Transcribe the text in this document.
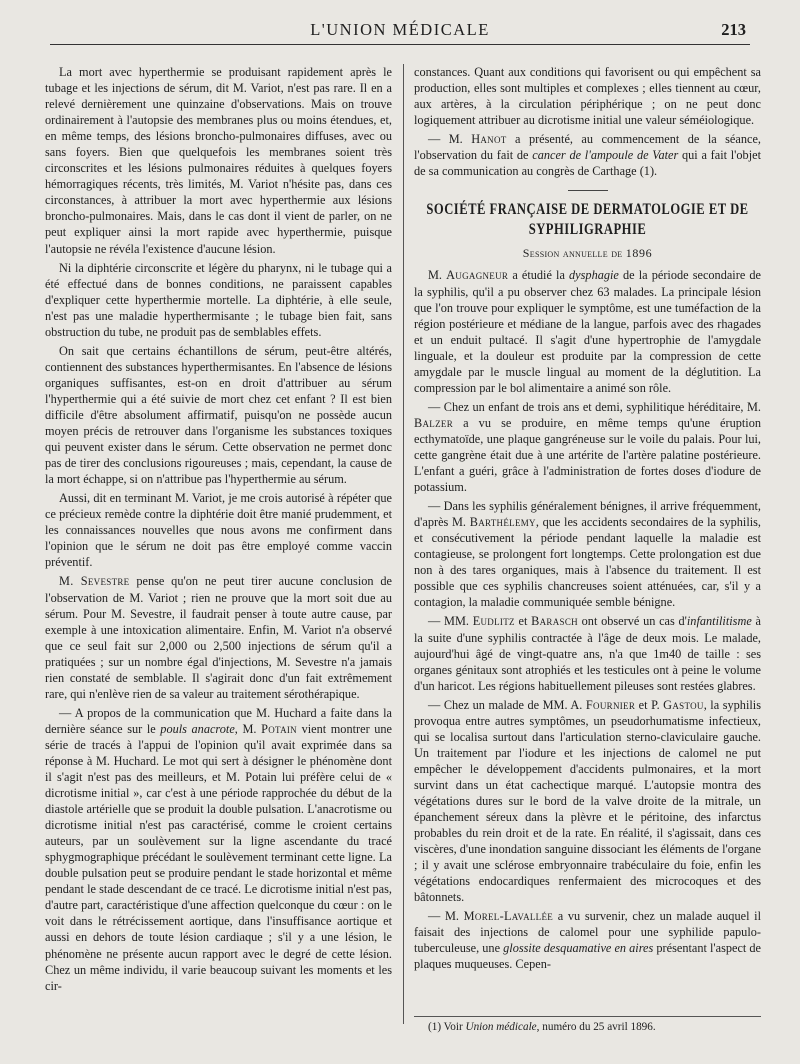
L'UNION MÉDICALE	213

La mort avec hyperthermie se produisant rapidement après le tubage et les injections de sérum, dit M. Variot, n'est pas rare. Il en a relevé dernièrement une quinzaine d'observations. Mais on trouve ordinairement à l'autopsie des membranes plus ou moins étendues, et, en même temps, des lésions broncho-pulmonaires diffuses, avec ou sans foyers. Bien que quelquefois les membranes soient très circonscrites et les lésions pulmonaires réduites à quelques foyers hémorragiques récents, très limités, M. Variot n'hésite pas, dans ces circonstances, à attribuer la mort avec hyperthermie aux lésions broncho-pulmonaires. Mais, dans le cas dont il vient de parler, on ne peut expliquer ainsi la mort rapide avec hyperthermie, puisque l'autopsie ne révéla l'existence d'aucune lésion.

Ni la diphtérie circonscrite et légère du pharynx, ni le tubage qui a été effectué dans de bonnes conditions, ne paraissent capables d'expliquer cette hyperthermie mortelle. La diphtérie, à elle seule, n'est pas une maladie hyperthermisante ; le tubage bien fait, sans obstruction du tube, ne produit pas de semblables effets.

On sait que certains échantillons de sérum, peut-être altérés, contiennent des substances hyperthermisantes. En l'absence de lésions organiques suffisantes, est-on en droit d'attribuer au sérum l'hyperthermie qui a été suivie de mort chez cet enfant ? Il est bien difficile d'être absolument affirmatif, puisqu'on ne possède aucun moyen précis de retrouver dans l'organisme les substances toxiques qui peuvent exister dans le sérum. Cette observation ne permet donc pas de tirer des conclusions rigoureuses ; mais, cependant, la cause de la mort échappe, si on n'attribue pas l'hyperthermie au sérum.

Aussi, dit en terminant M. Variot, je me crois autorisé à répéter que ce précieux remède contre la diphtérie doit être manié prudemment, et les connaissances nouvelles que nous avons me confirment dans l'opinion que le sérum ne doit pas être employé comme vaccin préventif.

M. Sevestre pense qu'on ne peut tirer aucune conclusion de l'observation de M. Variot ; rien ne prouve que la mort soit due au sérum. Pour M. Sevestre, il faudrait penser à toute autre cause, par exemple à une intoxication alimentaire. Enfin, M. Variot n'a observé que ce seul fait sur 2,000 ou 2,500 injections de sérum qu'il a pratiquées ; sur un nombre égal d'injections, M. Sevestre n'a jamais rien constaté de semblable. Il s'agirait donc d'un fait extrêmement rare, qui n'enlève rien de sa valeur au traitement sérothérapique.

— A propos de la communication que M. Huchard a faite dans la dernière séance sur le pouls anacrote, M. Potain vient montrer une série de tracés à l'appui de l'opinion qu'il avait exprimée dans sa réponse à M. Huchard. Le mot qui sert à désigner le phénomène dont il s'agit n'est pas des meilleurs, et M. Potain lui préfère celui de « dicrotisme initial », car c'est à une période rapprochée du début de la diastole artérielle que se produit la double pulsation. L'anacrotisme ou dicrotisme initial n'est pas caractérisé, comme le croient certains auteurs, par un soulèvement sur la ligne ascendante du tracé sphygmographique précédant le soulèvement terminant cette ligne. La double pulsation peut se produire pendant le stade horizontal et même pendant le stade descendant de ce tracé. Le dicrotisme initial n'est pas, d'autre part, caractéristique d'une affection quelconque du cœur : on le voit dans le rétrécissement aortique, dans l'insuffisance aortique et aussi en dehors de toute lésion cardiaque ; s'il y a une lésion, le phénomène ne présente aucun rapport avec le degré de cette lésion. Chez un même individu, il varie beaucoup suivant les moments et les cir-

constances. Quant aux conditions qui favorisent ou qui empêchent sa production, elles sont multiples et complexes ; elles tiennent au cœur, aux artères, à la circulation périphérique ; on ne peut donc logiquement attribuer au dicrotisme initial une valeur séméiologique.

— M. Hanot a présenté, au commencement de la séance, l'observation du fait de cancer de l'ampoule de Vater qui a fait l'objet de sa communication au congrès de Carthage (1).

SOCIÉTÉ FRANÇAISE DE DERMATOLOGIE ET DE SYPHILIGRAPHIE
Session annuelle de 1896

M. Augagneur a étudié la dysphagie de la période secondaire de la syphilis, qu'il a pu observer chez 63 malades. La principale lésion que l'on trouve pour expliquer le symptôme, est une tuméfaction de la région postérieure et médiane de la langue, parfois avec des rhagades et un enduit pultacé. Il s'agit d'une hypertrophie de l'amygdale linguale, et la douleur est produite par la compression de cette amygdale par le muscle lingual au moment de la déglutition. La compression par le bol alimentaire a animé son rôle.

— Chez un enfant de trois ans et demi, syphilitique héréditaire, M. Balzer a vu se produire, en même temps qu'une éruption ecthymatoïde, une plaque gangréneuse sur le voile du palais. Pour lui, cette gangrène était due à une artérite de l'artère palatine postérieure. L'enfant a guéri, grâce à l'administration de fortes doses d'iodure de potassium.

— Dans les syphilis généralement bénignes, il arrive fréquemment, d'après M. Barthélemy, que les accidents secondaires de la syphilis, et consécutivement la période pendant laquelle la maladie est contagieuse, se prolongent fort longtemps. Cette prolongation est due non à des tares organiques, mais à l'absence du traitement. Il est possible que ces syphilis chancreuses soient atténuées, car, s'il y a contagion, la maladie communiquée semble bénigne.

— MM. Eudlitz et Barasch ont observé un cas d'infantilitisme à la suite d'une syphilis contractée à l'âge de deux mois. Le malade, aujourd'hui âgé de vingt-quatre ans, n'a que 1m40 de taille : ses organes génitaux sont atrophiés et les testicules ont à peine le volume d'un haricot. Les régions habituellement pileuses sont restées glabres.

— Chez un malade de MM. A. Fournier et P. Gastou, la syphilis provoqua entre autres symptômes, un pseudorhumatisme infectieux, qui se localisa surtout dans l'articulation sterno-claviculaire gauche. Un traitement par l'iodure et les injections de calomel ne put empêcher le développement d'accidents pulmonaires, et la mort survint dans un état cachectique marqué. L'autopsie montra des végétations dures sur le bord de la valve droite de la mitrale, un épanchement séreux dans la plèvre et le péritoine, des infarctus probables du rein droit et de la rate. En réalité, il s'agissait, dans ces viscères, d'une inondation sanguine dissociant les éléments de l'organe ; il y avait une sclérose embryonnaire trabéculaire du foie, enfin les végétations endocardiques renfermaient des microcoques et des bâtonnets.

— M. Morel-Lavallée a vu survenir, chez un malade auquel il faisait des injections de calomel pour une syphilide papulo-tuberculeuse, une glossite desquamative en aires présentant l'aspect de plaques muqueuses. Cepen-

(1) Voir Union médicale, numéro du 25 avril 1896.
